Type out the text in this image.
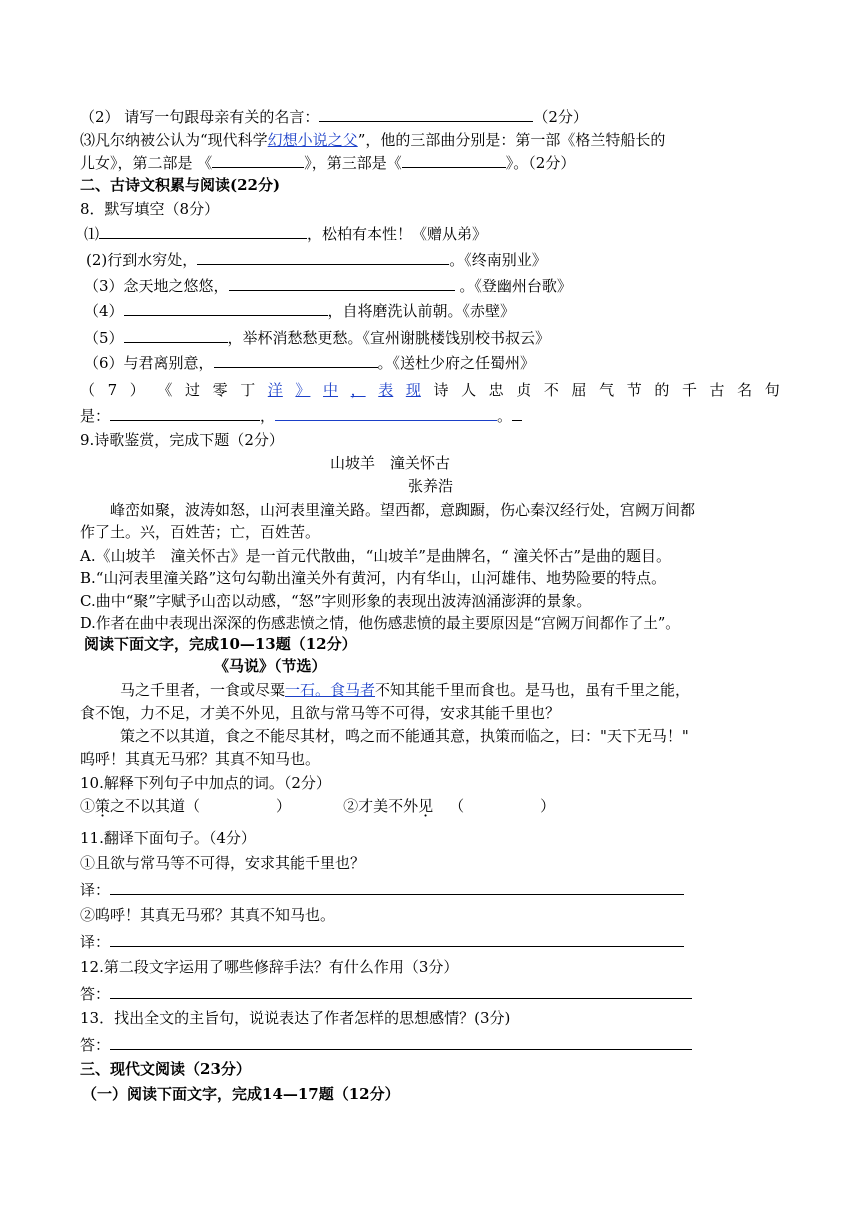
（2） 请写一句跟母亲有关的名言：	（2分）
⑶凡尔纳被公认为“现代科学幻想小说之父”，他的三部曲分别是：第一部《格兰特船长的
儿女》，第二部是 《	》，第三部是《	》。（2分）
二、古诗文积累与阅读(22分)
8．默写填空（8分）
⑴	，松柏有本性！《赠从弟》
(2)行到水穷处，	。《终南别业》
（3）念天地之悠悠，	。《登幽州台歌》
（4）	，自将磨洗认前朝。《赤壁》
（5）	，举杯消愁愁更愁。《宣州谢朓楼饯别校书叔云》
（6）与君离别意，	。《送杜少府之任蜀州》
（ 7 ） 《 过 零 丁 洋 》 中 ， 表 现 诗 人 忠 贞 不 屈 气 节 的 千 古 名 句
是：	，	。
9.诗歌鉴赏，完成下题（2分）
山坡羊　潼关怀古
张养浩
峰峦如聚，波涛如怒，山河表里潼关路。望西都，意踟蹰，伤心秦汉经行处，宫阙万间都
作了土。兴，百姓苦；亡，百姓苦。
A.《山坡羊　潼关怀古》是一首元代散曲，“山坡羊”是曲牌名，“ 潼关怀古”是曲的题目。
B.“山河表里潼关路”这句勾勒出潼关外有黄河，内有华山，山河雄伟、地势险要的特点。
C.曲中“聚”字赋予山峦以动感，“怒”字则形象的表现出波涛汹涌澎湃的景象。
D.作者在曲中表现出深深的伤感悲愤之情，他伤感悲愤的最主要原因是“宫阙万间都作了土”。
阅读下面文字，完成10—13题（12分）
《马说》（节选）
马之千里者，一食或尽粟一石。食马者不知其能千里而食也。是马也，虽有千里之能，
食不饱，力不足，才美不外见，且欲与常马等不可得，安求其能千里也？
策之不以其道，食之不能尽其材，鸣之而不能通其意，执策而临之，曰："天下无马！"
呜呼！其真无马邪？其真不知马也。
10.解释下列句子中加点的词。（2分）
①策之不以其道（	）	②才美不外见 （	）
11.翻译下面句子。（4分）
①且欲与常马等不可得，安求其能千里也？
译：
②呜呼！其真无马邪？其真不知马也。
译：
12.第二段文字运用了哪些修辞手法？有什么作用（3分）
答：
13．找出全文的主旨句，说说表达了作者怎样的思想感情？(3分)
答：
三、现代文阅读（23分）
（一）阅读下面文字，完成14—17题（12分）
